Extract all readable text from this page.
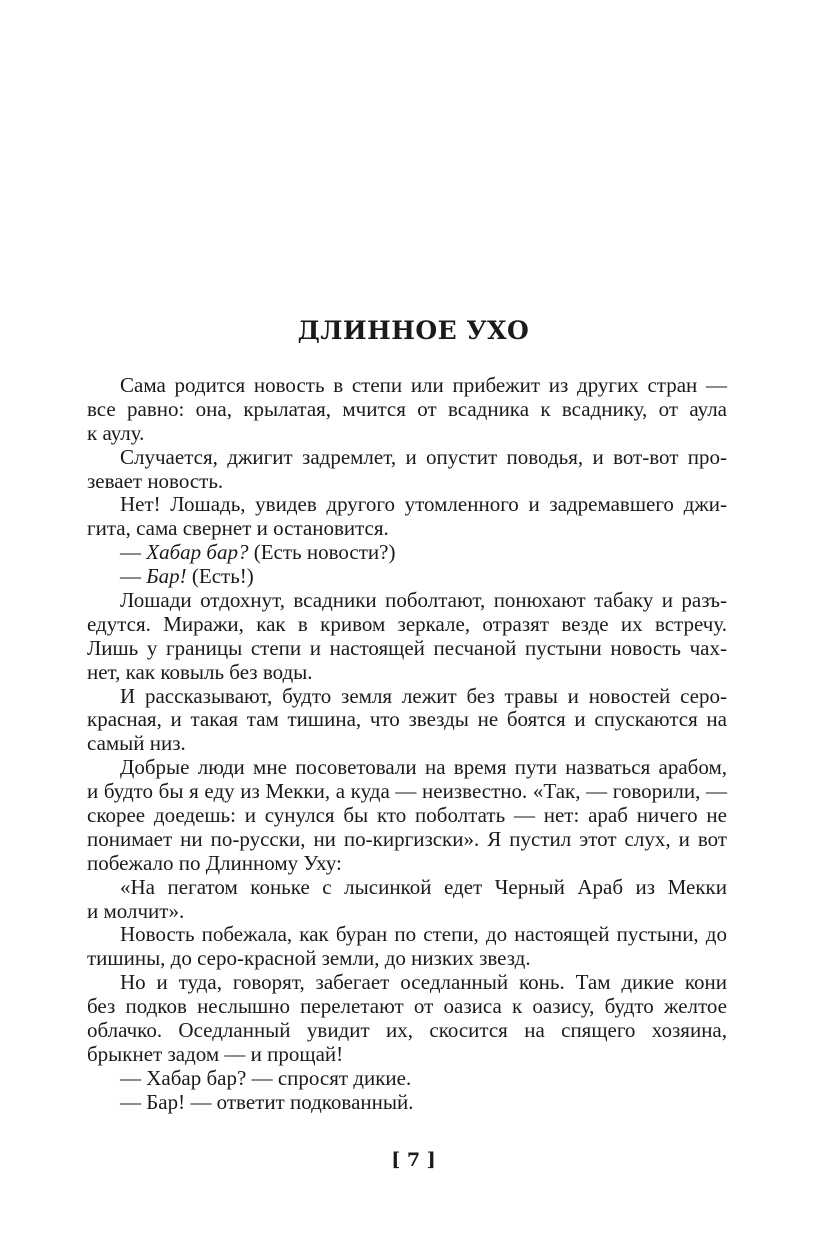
ДЛИННОЕ УХО
Сама родится новость в степи или прибежит из других стран —
все равно: она, крылатая, мчится от всадника к всаднику, от аула
к аулу.
Случается, джигит задремлет, и опустит поводья, и вот-вот про-
зевает новость.
Нет! Лошадь, увидев другого утомленного и задремавшего джи-
гита, сама свернет и остановится.
— Хабар бар? (Есть новости?)
— Бар! (Есть!)
Лошади отдохнут, всадники поболтают, понюхают табаку и разъ-
едутся. Миражи, как в кривом зеркале, отразят везде их встречу.
Лишь у границы степи и настоящей песчаной пустыни новость чах-
нет, как ковыль без воды.
И рассказывают, будто земля лежит без травы и новостей серо-
красная, и такая там тишина, что звезды не боятся и спускаются на
самый низ.
Добрые люди мне посоветовали на время пути назваться арабом,
и будто бы я еду из Мекки, а куда — неизвестно. «Так, — говорили, —
скорее доедешь: и сунулся бы кто поболтать — нет: араб ничего не
понимает ни по-русски, ни по-киргизски». Я пустил этот слух, и вот
побежало по Длинному Уху:
«На пегатом коньке с лысинкой едет Черный Араб из Мекки
и молчит».
Новость побежала, как буран по степи, до настоящей пустыни, до
тишины, до серо-красной земли, до низких звезд.
Но и туда, говорят, забегает оседланный конь. Там дикие кони
без подков неслышно перелетают от оазиса к оазису, будто желтое
облачко. Оседланный увидит их, скосится на спящего хозяина,
брыкнет задом — и прощай!
— Хабар бар? — спросят дикие.
— Бар! — ответит подкованный.
[ 7 ]
